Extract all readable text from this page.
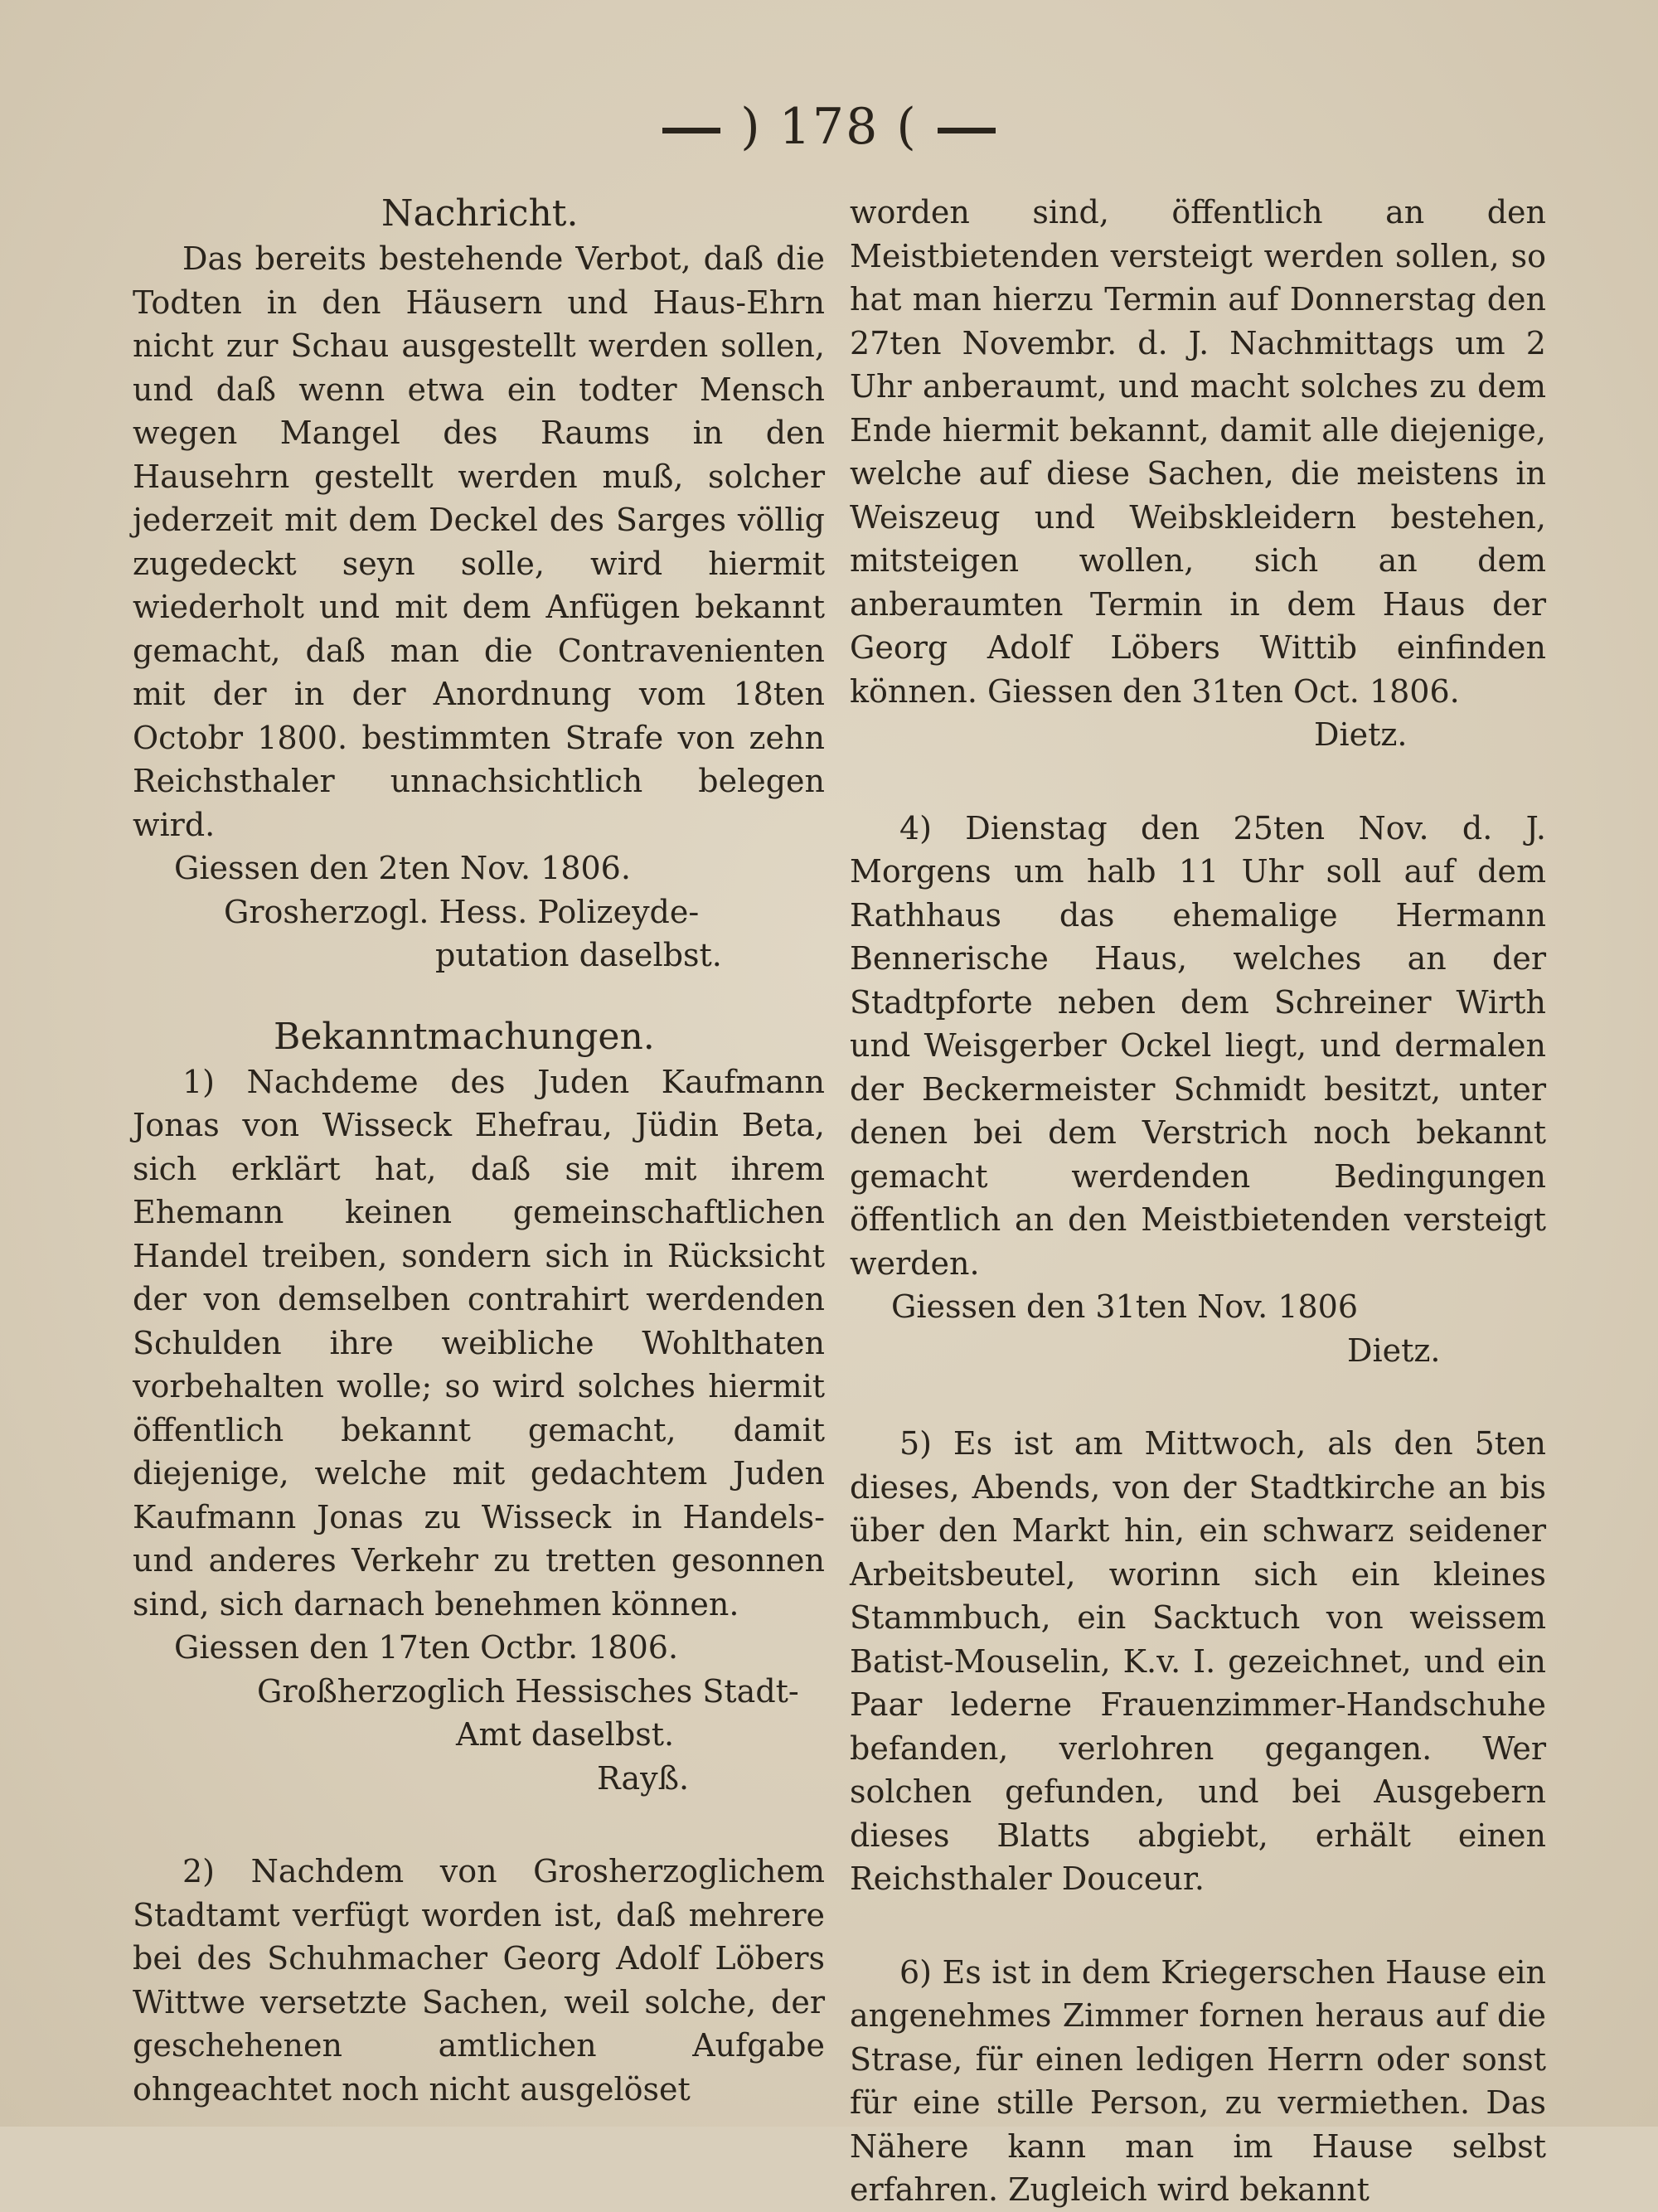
) 178 (
Nachricht.

Das bereits bestehende Verbot, daß die Todten in den Häusern und Haus-Ehrn nicht zur Schau ausgestellt werden sollen, und daß wenn etwa ein todter Mensch wegen Mangel des Raums in den Hausehrn gestellt werden muß, solcher jederzeit mit dem Deckel des Sarges völlig zugedeckt seyn solle, wird hiermit wiederholt und mit dem Anfügen bekannt gemacht, daß man die Contravenienten mit der in der Anordnung vom 18ten Octobr 1800. bestimmten Strafe von zehn Reichsthaler unnachsichtlich belegen wird.

Giessen den 2ten Nov. 1806.

Grosherzogl. Hess. Polizeyde-

putation daselbst.

Bekanntmachungen.

1) Nachdeme des Juden Kaufmann Jonas von Wisseck Ehefrau, Jüdin Beta, sich erklärt hat, daß sie mit ihrem Ehemann keinen gemeinschaftlichen Handel treiben, sondern sich in Rücksicht der von demselben contrahirt werdenden Schulden ihre weibliche Wohlthaten vorbehalten wolle; so wird solches hiermit öffentlich bekannt gemacht, damit diejenige, welche mit gedachtem Juden Kaufmann Jonas zu Wisseck in Handels- und anderes Verkehr zu tretten gesonnen sind, sich darnach benehmen können.

Giessen den 17ten Octbr. 1806.

Großherzoglich Hessisches Stadt-

Amt daselbst.

Rayß.

2) Nachdem von Grosherzoglichem Stadtamt verfügt worden ist, daß mehrere bei des Schuhmacher Georg Adolf Löbers Wittwe versetzte Sachen, weil solche, der geschehenen amtlichen Aufgabe ohngeachtet noch nicht ausgelöset

worden sind, öffentlich an den Meistbietenden versteigt werden sollen, so hat man hierzu Termin auf Donnerstag den 27ten Novembr. d. J. Nachmittags um 2 Uhr anberaumt, und macht solches zu dem Ende hiermit bekannt, damit alle diejenige, welche auf diese Sachen, die meistens in Weiszeug und Weibskleidern bestehen, mitsteigen wollen, sich an dem anberaumten Termin in dem Haus der Georg Adolf Löbers Wittib einfinden können. Giessen den 31ten Oct. 1806.

Dietz.

4) Dienstag den 25ten Nov. d. J. Morgens um halb 11 Uhr soll auf dem Rathhaus das ehemalige Hermann Bennerische Haus, welches an der Stadtpforte neben dem Schreiner Wirth und Weisgerber Ockel liegt, und dermalen der Beckermeister Schmidt besitzt, unter denen bei dem Verstrich noch bekannt gemacht werdenden Bedingungen öffentlich an den Meistbietenden versteigt werden.

Giessen den 31ten Nov. 1806

Dietz.

5) Es ist am Mittwoch, als den 5ten dieses, Abends, von der Stadtkirche an bis über den Markt hin, ein schwarz seidener Arbeitsbeutel, worinn sich ein kleines Stammbuch, ein Sacktuch von weissem Batist-Mouselin, K.v. I. gezeichnet, und ein Paar lederne Frauenzimmer-Handschuhe befanden, verlohren gegangen. Wer solchen gefunden, und bei Ausgebern dieses Blatts abgiebt, erhält einen Reichsthaler Douceur.

6) Es ist in dem Kriegerschen Hause ein angenehmes Zimmer fornen heraus auf die Strase, für einen ledigen Herrn oder sonst für eine stille Person, zu vermiethen. Das Nähere kann man im Hause selbst erfahren. Zugleich wird bekannt
